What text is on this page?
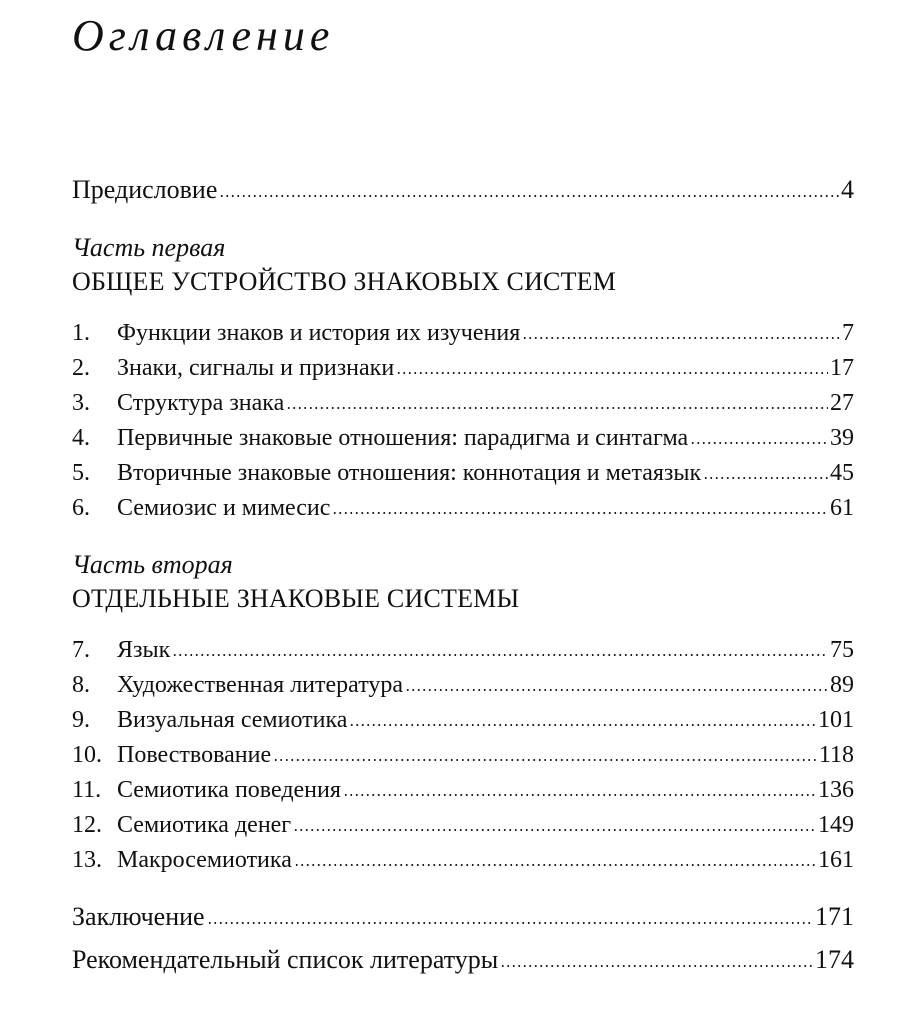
Оглавление
Предисловие	4
Часть первая
ОБЩЕЕ УСТРОЙСТВО ЗНАКОВЫХ СИСТЕМ
1.	Функции знаков и история их изучения	7
2.	Знаки, сигналы и признаки	17
3.	Структура знака	27
4.	Первичные знаковые отношения: парадигма и синтагма	39
5.	Вторичные знаковые отношения: коннотация и метаязык	45
6.	Семиозис и мимесис	61
Часть вторая
ОТДЕЛЬНЫЕ ЗНАКОВЫЕ СИСТЕМЫ
7.	Язык	75
8.	Художественная литература	89
9.	Визуальная семиотика	101
10. Повествование	118
11. Семиотика поведения	136
12. Семиотика денег	149
13. Макросемиотика	161
Заключение	171
Рекомендательный список литературы	174
